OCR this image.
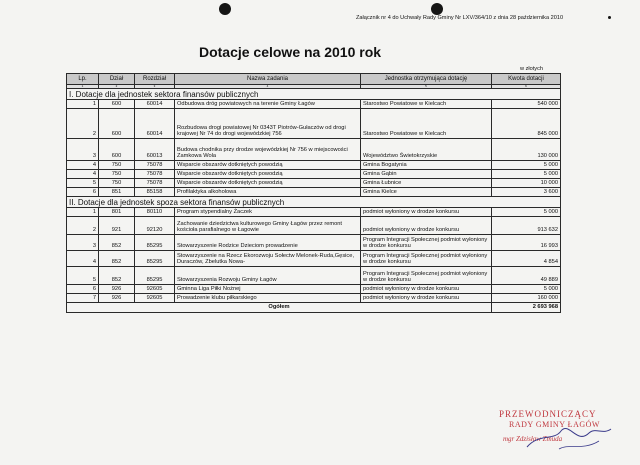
Załącznik nr 4 do Uchwały Rady Gminy Nr LXV/364/10 z dnia 28 października 2010
Dotacje celowe na 2010 rok
w złotych
Lp.	Dział	Rozdział	Nazwa zadania	Jednostka otrzymująca dotację	Kwota dotacji
1	2	3	4	5	6
I. Dotacje dla jednostek sektora finansów publicznych					
1	600	60014	Odbudowa dróg powiatowych na terenie Gminy Łagów	Starostwo Powiatowe w Kielcach	540 000
2	600	60014	Rozbudowa drogi powiatowej Nr 0343T Piotrów-Gułaczów od drogi krajowej Nr 74 do drogi wojewódzkiej 756	Starostwo Powiatowe w Kielcach	845 000
3	600	60013	Budowa chodnika przy drodze wojewódzkiej Nr 756 w miejscowości Zamkowa Wola	Województwo Świetokrzyskie	130 000
4	750	75078	Wsparcie obszarów dotkniętych powodzią	Gmina Bogatynia	5 000
4	750	75078	Wsparcie obszarów dotkniętych powodzią	Gmina Gąbin	5 000
5	750	75078	Wsparcie obszarów dotkniętych powodzią	Gmina Łubnice	10 000
6	851	85158	Profilaktyka alkoholowa	Gmina Kielce	3 600
II. Dotacje dla jednostek spoza sektora finansów publicznych					
1	801	80110	Program stypendialny Żaczek	podmiot wyłoniony w drodze konkursu	5 000
2	921	92120	Zachowanie dziedzictwa kulturowego Gminy Łagów przez remont kościoła parafialnego w Łagowie	podmiot wyłoniony w drodze konkursu	913 632
3	852	85295	Stowarzyszenie Rodzice Dzieciom prowadzenie	Program Integracji Społecznej podmiot wyłoniony w drodze konkursu	16 993
4	852	85295	Stowarzyszenie na Rzecz Ekorozwoju Sołectw Melonek-Ruda,Gęsice, Duraczów, Zbelutka Nowa-	Program Integracji Społecznej podmiot wyłoniony w drodze konkursu	4 854
5	852	85295	Stowarzyszenia Rozwoju Gminy Łagów	Program Integracji Społecznej podmiot wyłoniony w drodze konkursu	49 889
6	926	92605	Gminna Liga Piłki Nożnej	podmiot wyłoniony w drodze konkursu	5 000
7	926	92605	Prowadzenie klubu piłkarskiego	podmiot wyłoniony w drodze konkursu	160 000
Ogółem					2 693 968
PRZEWODNICZĄCY
RADY GMINY ŁAGÓW
mgr Zdzisław Zmuda
